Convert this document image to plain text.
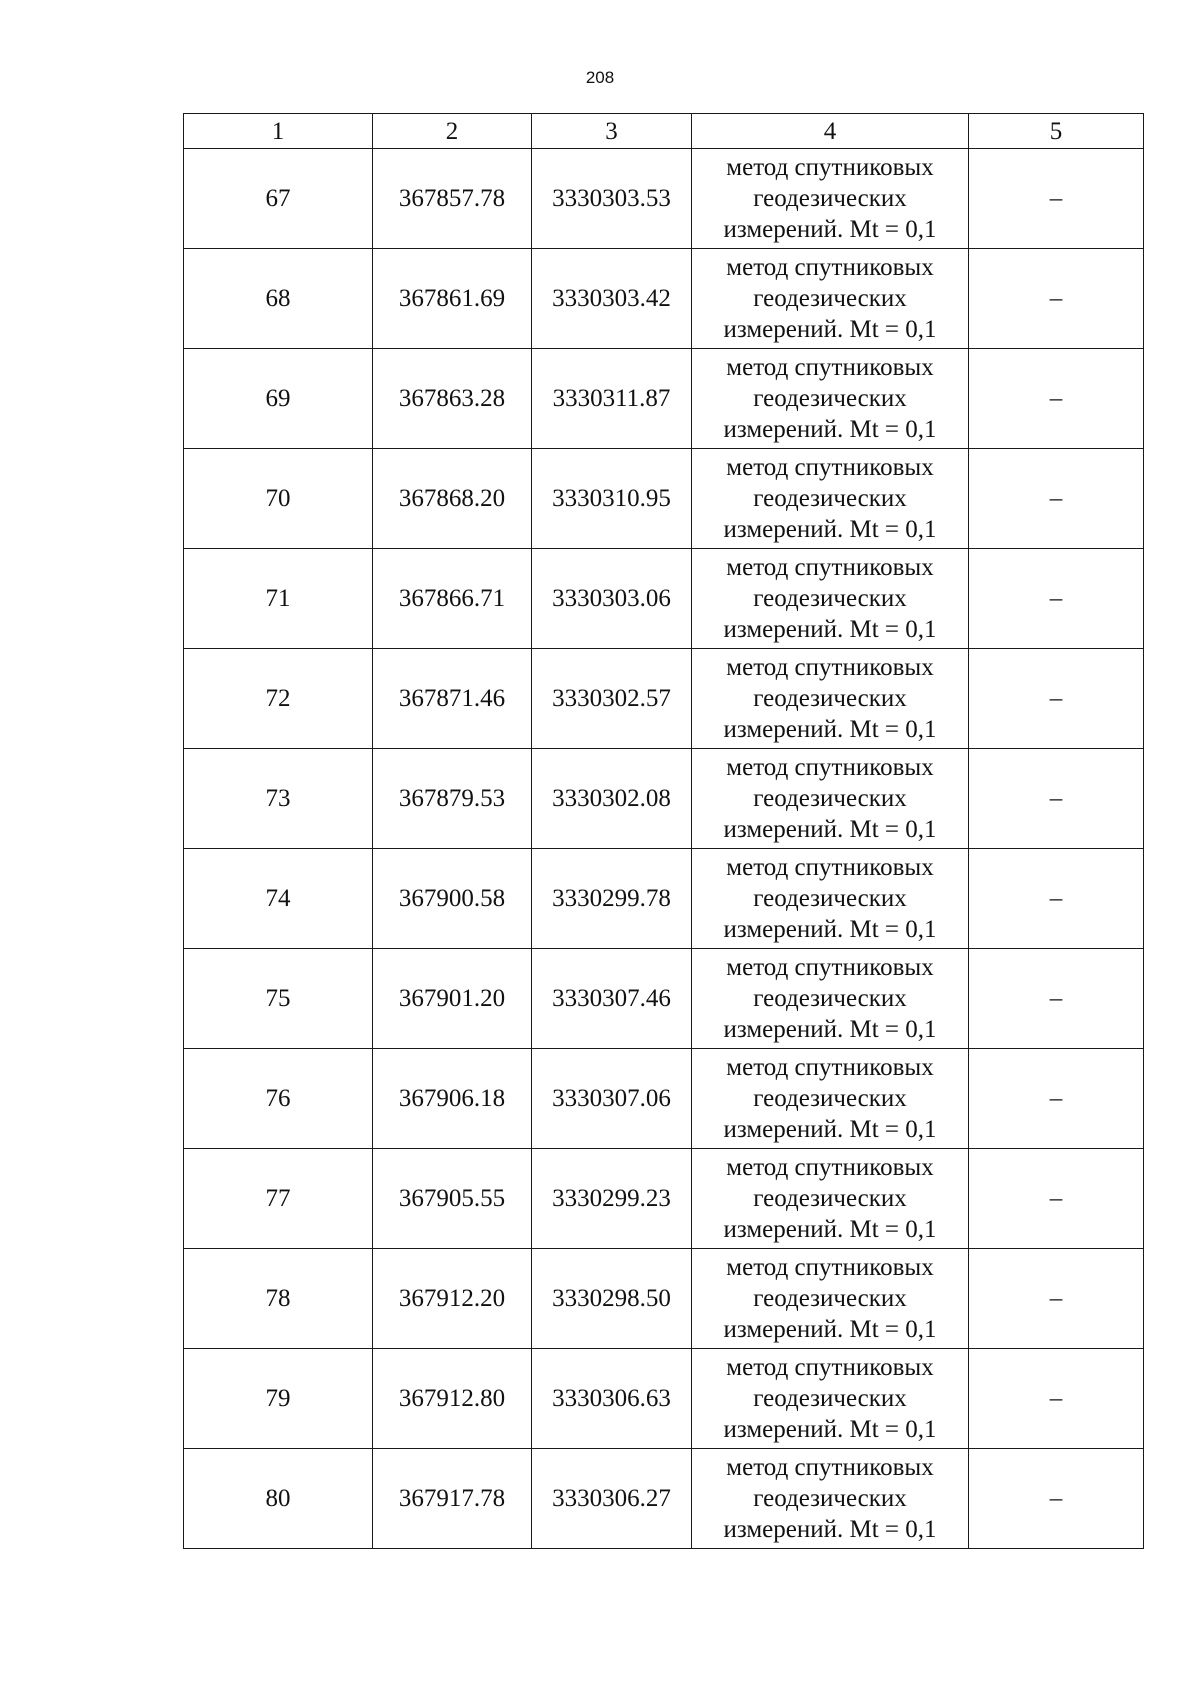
208
1	2	3	4	5
67	367857.78	3330303.53	метод спутниковых геодезических измерений. Mt = 0,1	–
68	367861.69	3330303.42	метод спутниковых геодезических измерений. Mt = 0,1	–
69	367863.28	3330311.87	метод спутниковых геодезических измерений. Mt = 0,1	–
70	367868.20	3330310.95	метод спутниковых геодезических измерений. Mt = 0,1	–
71	367866.71	3330303.06	метод спутниковых геодезических измерений. Mt = 0,1	–
72	367871.46	3330302.57	метод спутниковых геодезических измерений. Mt = 0,1	–
73	367879.53	3330302.08	метод спутниковых геодезических измерений. Mt = 0,1	–
74	367900.58	3330299.78	метод спутниковых геодезических измерений. Mt = 0,1	–
75	367901.20	3330307.46	метод спутниковых геодезических измерений. Mt = 0,1	–
76	367906.18	3330307.06	метод спутниковых геодезических измерений. Mt = 0,1	–
77	367905.55	3330299.23	метод спутниковых геодезических измерений. Mt = 0,1	–
78	367912.20	3330298.50	метод спутниковых геодезических измерений. Mt = 0,1	–
79	367912.80	3330306.63	метод спутниковых геодезических измерений. Mt = 0,1	–
80	367917.78	3330306.27	метод спутниковых геодезических измерений. Mt = 0,1	–
